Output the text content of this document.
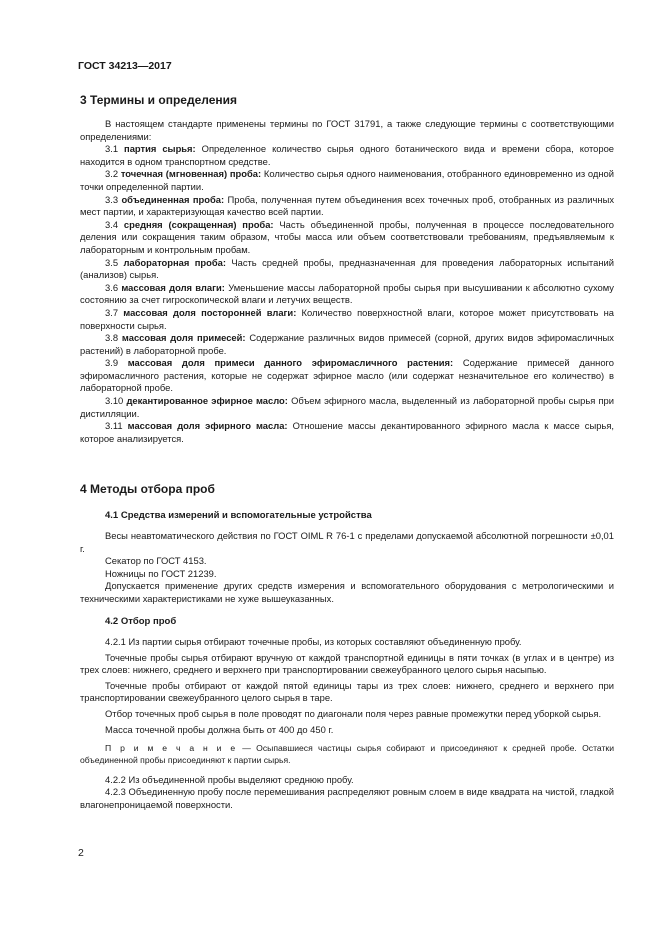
ГОСТ 34213—2017
3 Термины и определения

В настоящем стандарте применены термины по ГОСТ 31791, а также следующие термины с соответствующими определениями:

3.1 партия сырья: Определенное количество сырья одного ботанического вида и времени сбора, которое находится в одном транспортном средстве.

3.2 точечная (мгновенная) проба: Количество сырья одного наименования, отобранного единовременно из одной точки определенной партии.

3.3 объединенная проба: Проба, полученная путем объединения всех точечных проб, отобранных из различных мест партии, и характеризующая качество всей партии.

3.4 средняя (сокращенная) проба: Часть объединенной пробы, полученная в процессе последовательного деления или сокращения таким образом, чтобы масса или объем соответствовали требованиям, предъявляемым к лабораторным и контрольным пробам.

3.5 лабораторная проба: Часть средней пробы, предназначенная для проведения лабораторных испытаний (анализов) сырья.

3.6 массовая доля влаги: Уменьшение массы лабораторной пробы сырья при высушивании к абсолютно сухому состоянию за счет гигроскопической влаги и летучих веществ.

3.7 массовая доля посторонней влаги: Количество поверхностной влаги, которое может присутствовать на поверхности сырья.

3.8 массовая доля примесей: Содержание различных видов примесей (сорной, других видов эфиромасличных растений) в лабораторной пробе.

3.9 массовая доля примеси данного эфиромасличного растения: Содержание примесей данного эфиромасличного растения, которые не содержат эфирное масло (или содержат незначительное его количество) в лабораторной пробе.

3.10 декантированное эфирное масло: Объем эфирного масла, выделенный из лабораторной пробы сырья при дистилляции.

3.11 массовая доля эфирного масла: Отношение массы декантированного эфирного масла к массе сырья, которое анализируется.

4 Методы отбора проб
4.1 Средства измерений и вспомогательные устройства

Весы неавтоматического действия по ГОСТ OIML R 76-1 с пределами допускаемой абсолютной погрешности ±0,01 г.

Секатор по ГОСТ 4153.

Ножницы по ГОСТ 21239.

Допускается применение других средств измерения и вспомогательного оборудования с метрологическими и техническими характеристиками не хуже вышеуказанных.

4.2 Отбор проб

4.2.1 Из партии сырья отбирают точечные пробы, из которых составляют объединенную пробу.

Точечные пробы сырья отбирают вручную от каждой транспортной единицы в пяти точках (в углах и в центре) из трех слоев: нижнего, среднего и верхнего при транспортировании свежеубранного целого сырья насыпью.

Точечные пробы отбирают от каждой пятой единицы тары из трех слоев: нижнего, среднего и верхнего при транспортировании свежеубранного целого сырья в таре.

Отбор точечных проб сырья в поле проводят по диагонали поля через равные промежутки перед уборкой сырья.

Масса точечной пробы должна быть от 400 до 450 г.

П р и м е ч а н и е — Осыпавшиеся частицы сырья собирают и присоединяют к средней пробе. Остатки объединенной пробы присоединяют к партии сырья.

4.2.2 Из объединенной пробы выделяют среднюю пробу.

4.2.3 Объединенную пробу после перемешивания распределяют ровным слоем в виде квадрата на чистой, гладкой влагонепроницаемой поверхности.

2
